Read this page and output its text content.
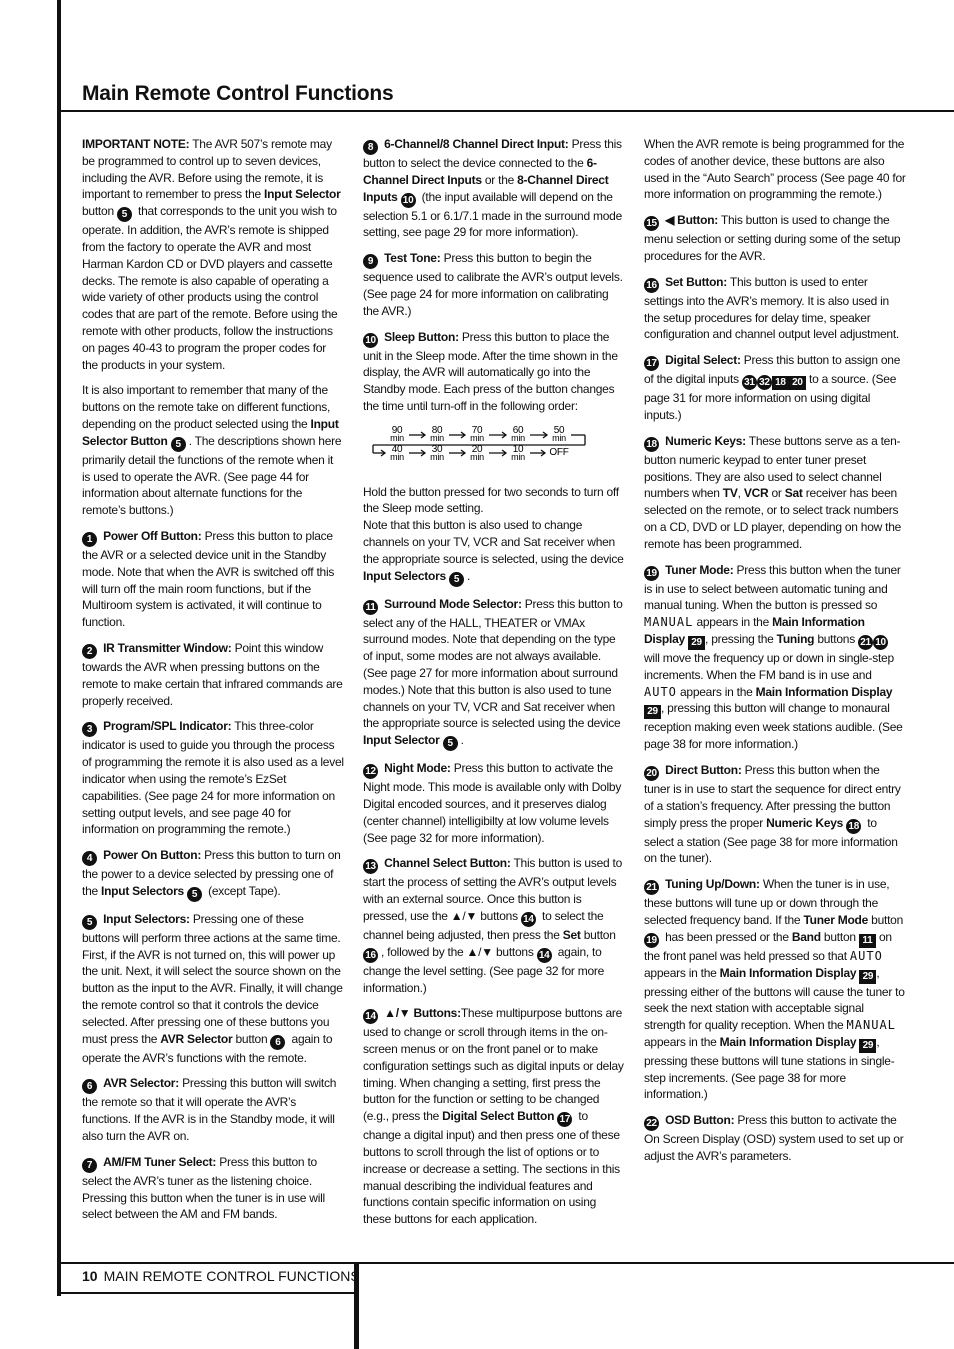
Main Remote Control Functions

IMPORTANT NOTE: The AVR 507’s remote may be programmed to control up to seven devices, including the AVR. Before using the remote, it is important to remember to press the Input Selector button 5 that corresponds to the unit you wish to operate. In addition, the AVR’s remote is shipped from the factory to operate the AVR and most Harman Kardon CD or DVD players and cassette decks. The remote is also capable of operating a wide variety of other products using the control codes that are part of the remote. Before using the remote with other products, follow the instructions on pages 40-43 to program the proper codes for the products in your system.

It is also important to remember that many of the buttons on the remote take on different functions, depending on the product selected using the Input Selector Button 5 . The descriptions shown here primarily detail the functions of the remote when it is used to operate the AVR. (See page 44 for information about alternate functions for the remote’s buttons.)

1 Power Off Button: Press this button to place the AVR or a selected device unit in the Standby mode. Note that when the AVR is switched off this will turn off the main room functions, but if the Multiroom system is activated, it will continue to function.

2 IR Transmitter Window: Point this window towards the AVR when pressing buttons on the remote to make certain that infrared commands are properly received.

3 Program/SPL Indicator: This three-color indicator is used to guide you through the process of programming the remote it is also used as a level indicator when using the remote’s EzSet capabilities. (See page 24 for more information on setting output levels, and see page 40 for information on programming the remote.)

4 Power On Button: Press this button to turn on the power to a device selected by pressing one of the Input Selectors 5 (except Tape).

5 Input Selectors: Pressing one of these buttons will perform three actions at the same time. First, if the AVR is not turned on, this will power up the unit. Next, it will select the source shown on the button as the input to the AVR. Finally, it will change the remote control so that it controls the device selected. After pressing one of these buttons you must press the AVR Selector button 6 again to operate the AVR’s functions with the remote.

6 AVR Selector: Pressing this button will switch the remote so that it will operate the AVR’s functions. If the AVR is in the Standby mode, it will also turn the AVR on.

7 AM/FM Tuner Select: Press this button to select the AVR’s tuner as the listening choice. Pressing this button when the tuner is in use will select between the AM and FM bands.

8 6-Channel/8 Channel Direct Input: Press this button to select the device connected to the 6-Channel Direct Inputs or the 8-Channel Direct Inputs 10 (the input available will depend on the selection 5.1 or 6.1/7.1 made in the surround mode setting, see page 29 for more information).

9 Test Tone: Press this button to begin the sequence used to calibrate the AVR’s output levels. (See page 24 for more information on calibrating the AVR.)

10 Sleep Button: Press this button to place the unit in the Sleep mode. After the time shown in the display, the AVR will automatically go into the Standby mode. Each press of the button changes the time until turn-off in the following order:

90
min
80
min
70
min
60
min
50
min
40
min
30
min
20
min
10
min OFF

Hold the button pressed for two seconds to turn off the Sleep mode setting.

Note that this button is also used to change channels on your TV, VCR and Sat receiver when the appropriate source is selected, using the device Input Selectors 5 .

11 Surround Mode Selector: Press this button to select any of the HALL, THEATER or VMAx surround modes. Note that depending on the type of input, some modes are not always available. (See page 27 for more information about surround modes.) Note that this button is also used to tune channels on your TV, VCR and Sat receiver when the appropriate source is selected using the device Input Selector 5 .

12 Night Mode: Press this button to activate the Night mode. This mode is available only with Dolby Digital encoded sources, and it preserves dialog (center channel) intelligibilty at low volume levels (See page 32 for more information).

13 Channel Select Button: This button is used to start the process of setting the AVR’s output levels with an external source. Once this button is pressed, use the ▲/▼ buttons 14 to select the channel being adjusted, then press the Set button 16 , followed by the ▲/▼ buttons 14 again, to change the level setting. (See page 32 for more information.)

14 ▲/▼ Buttons:These multipurpose buttons are used to change or scroll through items in the on-screen menus or on the front panel or to make configuration settings such as digital inputs or delay timing. When changing a setting, first press the button for the function or setting to be changed (e.g., press the Digital Select Button 17 to change a digital input) and then press one of these buttons to scroll through the list of options or to increase or decrease a setting. The sections in this manual describing the individual features and functions contain specific information on using these buttons for each application.

When the AVR remote is being programmed for the codes of another device, these buttons are also used in the “Auto Search” process (See page 40 for more information on programming the remote.)

15 ◀ Button: This button is used to change the menu selection or setting during some of the setup procedures for the AVR.

16 Set Button: This button is used to enter settings into the AVR’s memory. It is also used in the setup procedures for delay time, speaker configuration and channel output level adjustment.

17 Digital Select: Press this button to assign one of the digital inputs 31 32 18 20 to a source. (See page 31 for more information on using digital inputs.)

18 Numeric Keys: These buttons serve as a ten-button numeric keypad to enter tuner preset positions. They are also used to select channel numbers when TV, VCR or Sat receiver has been selected on the remote, or to select track numbers on a CD, DVD or LD player, depending on how the remote has been programmed.

19 Tuner Mode: Press this button when the tuner is in use to select between automatic tuning and manual tuning. When the button is pressed so MANUAL appears in the Main Information Display 29 , pressing the Tuning buttons 21 10 will move the frequency up or down in single-step increments. When the FM band is in use and AUTO appears in the Main Information Display 29 , pressing this button will change to monaural reception making even week stations audible. (See page 38 for more information.)

20 Direct Button: Press this button when the tuner is in use to start the sequence for direct entry of a station’s frequency. After pressing the button simply press the proper Numeric Keys 18 to select a station (See page 38 for more information on the tuner).

21 Tuning Up/Down: When the tuner is in use, these buttons will tune up or down through the selected frequency band. If the Tuner Mode button 19 has been pressed or the Band button 11 on the front panel was held pressed so that AUTO appears in the Main Information Display 29 , pressing either of the buttons will cause the tuner to seek the next station with acceptable signal strength for quality reception. When the MANUAL appears in the Main Information Display 29 , pressing these buttons will tune stations in single-step increments. (See page 38 for more information.)

22 OSD Button: Press this button to activate the On Screen Display (OSD) system used to set up or adjust the AVR’s parameters.

10 MAIN REMOTE CONTROL FUNCTIONS
